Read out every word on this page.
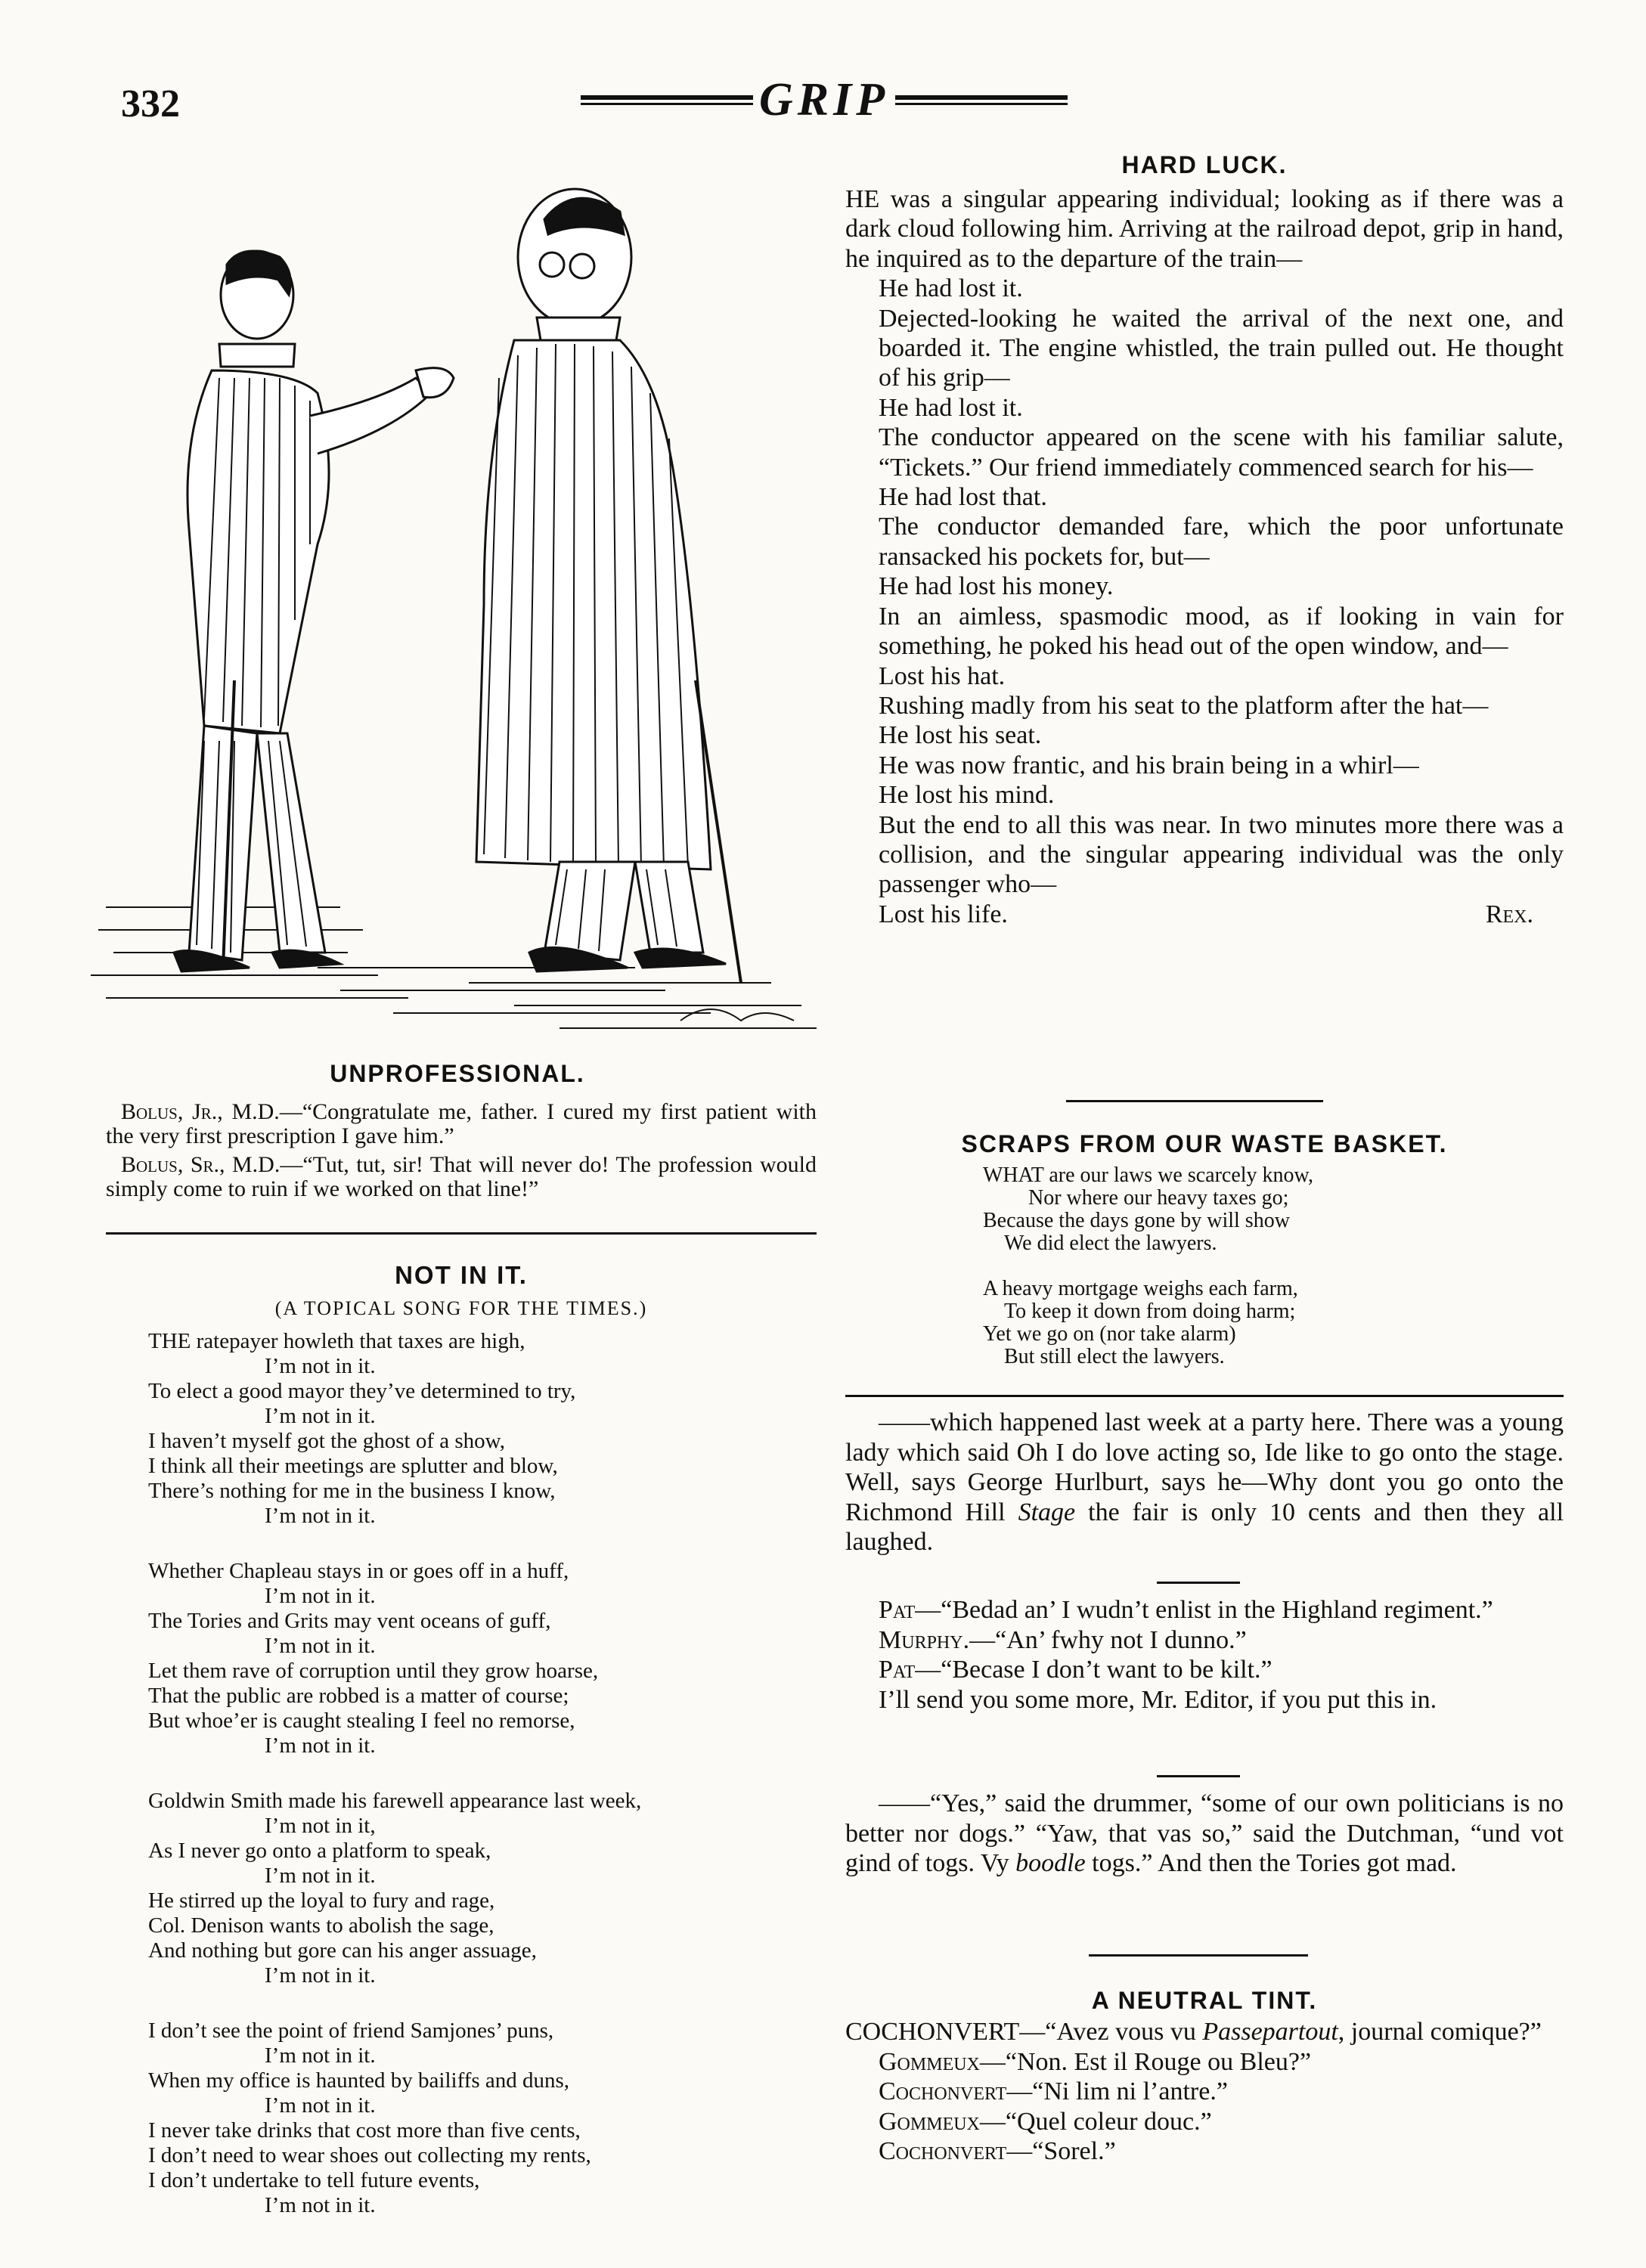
332	GRIP
UNPROFESSIONAL.

Bolus, Jr., M.D.—“Congratulate me, father. I cured my first patient with the very first prescription I gave him.”

Bolus, Sr., M.D.—“Tut, tut, sir! That will never do! The profession would simply come to ruin if we worked on that line!”

NOT IN IT.
(A TOPICAL SONG FOR THE TIMES.)
THE ratepayer howleth that taxes are high,
I’m not in it.
To elect a good mayor they’ve determined to try,
I’m not in it.
I haven’t myself got the ghost of a show,
I think all their meetings are splutter and blow,
There’s nothing for me in the business I know,
I’m not in it.
Whether Chapleau stays in or goes off in a huff,
I’m not in it.
The Tories and Grits may vent oceans of guff,
I’m not in it.
Let them rave of corruption until they grow hoarse,
That the public are robbed is a matter of course;
But whoe’er is caught stealing I feel no remorse,
I’m not in it.
Goldwin Smith made his farewell appearance last week,
I’m not in it,
As I never go onto a platform to speak,
I’m not in it.
He stirred up the loyal to fury and rage,
Col. Denison wants to abolish the sage,
And nothing but gore can his anger assuage,
I’m not in it.
I don’t see the point of friend Samjones’ puns,
I’m not in it.
When my office is haunted by bailiffs and duns,
I’m not in it.
I never take drinks that cost more than five cents,
I don’t need to wear shoes out collecting my rents,
I don’t undertake to tell future events,
I’m not in it.
HARD LUCK.

HE was a singular appearing individual; looking as if there was a dark cloud following him. Arriving at the railroad depot, grip in hand, he inquired as to the departure of the train—

He had lost it.

Dejected-looking he waited the arrival of the next one, and boarded it. The engine whistled, the train pulled out. He thought of his grip—

He had lost it.

The conductor appeared on the scene with his familiar salute, “Tickets.” Our friend immediately commenced search for his—

He had lost that.

The conductor demanded fare, which the poor unfortunate ransacked his pockets for, but—

He had lost his money.

In an aimless, spasmodic mood, as if looking in vain for something, he poked his head out of the open window, and—

Lost his hat.

Rushing madly from his seat to the platform after the hat—

He lost his seat.

He was now frantic, and his brain being in a whirl—

He lost his mind.

But the end to all this was near. In two minutes more there was a collision, and the singular appearing individual was the only passenger who—

Lost his life.	Rex.
SCRAPS FROM OUR WASTE BASKET.
WHAT are our laws we scarcely know,
Nor where our heavy taxes go;
Because the days gone by will show
We did elect the lawyers.
A heavy mortgage weighs each farm,
To keep it down from doing harm;
Yet we go on (nor take alarm)
But still elect the lawyers.

——which happened last week at a party here. There was a young lady which said Oh I do love acting so, Ide like to go onto the stage. Well, says George Hurlburt, says he—Why dont you go onto the Richmond Hill Stage the fair is only 10 cents and then they all laughed.

Pat—“Bedad an’ I wudn’t enlist in the Highland regiment.”

Murphy.—“An’ fwhy not I dunno.”

Pat—“Becase I don’t want to be kilt.”

I’ll send you some more, Mr. Editor, if you put this in.

——“Yes,” said the drummer, “some of our own politicians is no better nor dogs.” “Yaw, that vas so,” said the Dutchman, “und vot gind of togs. Vy boodle togs.” And then the Tories got mad.

A NEUTRAL TINT.

COCHONVERT—“Avez vous vu Passepartout, journal comique?”

Gommeux—“Non. Est il Rouge ou Bleu?”

Cochonvert—“Ni lim ni l’antre.”

Gommeux—“Quel coleur douc.”

Cochonvert—“Sorel.”
